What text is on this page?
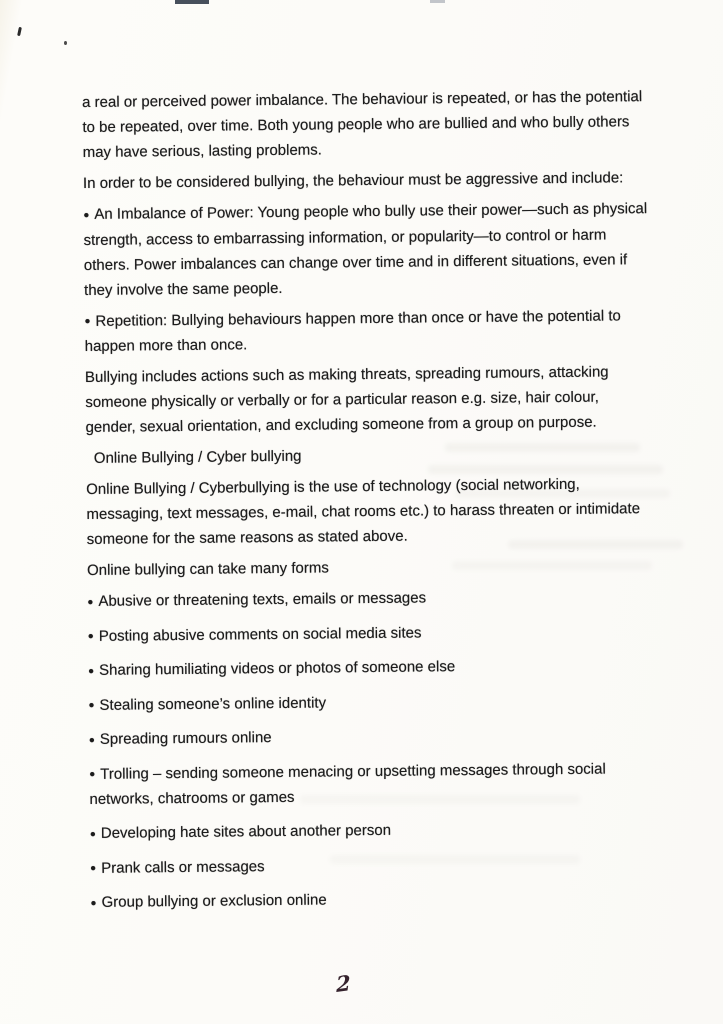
a real or perceived power imbalance. The behaviour is repeated, or has the potential
to be repeated, over time. Both young people who are bullied and who bully others
may have serious, lasting problems.

In order to be considered bullying, the behaviour must be aggressive and include:

● An Imbalance of Power: Young people who bully use their power—such as physical
strength, access to embarrassing information, or popularity—to control or harm
others. Power imbalances can change over time and in different situations, even if
they involve the same people.

● Repetition: Bullying behaviours happen more than once or have the potential to
happen more than once.

Bullying includes actions such as making threats, spreading rumours, attacking
someone physically or verbally or for a particular reason e.g. size, hair colour,
gender, sexual orientation, and excluding someone from a group on purpose.

Online Bullying / Cyber bullying

Online Bullying / Cyberbullying is the use of technology (social networking,
messaging, text messages, e-mail, chat rooms etc.) to harass threaten or intimidate
someone for the same reasons as stated above.

Online bullying can take many forms

● Abusive or threatening texts, emails or messages

● Posting abusive comments on social media sites

● Sharing humiliating videos or photos of someone else

● Stealing someone’s online identity

● Spreading rumours online

● Trolling – sending someone menacing or upsetting messages through social
networks, chatrooms or games

● Developing hate sites about another person

● Prank calls or messages

● Group bullying or exclusion online

2
